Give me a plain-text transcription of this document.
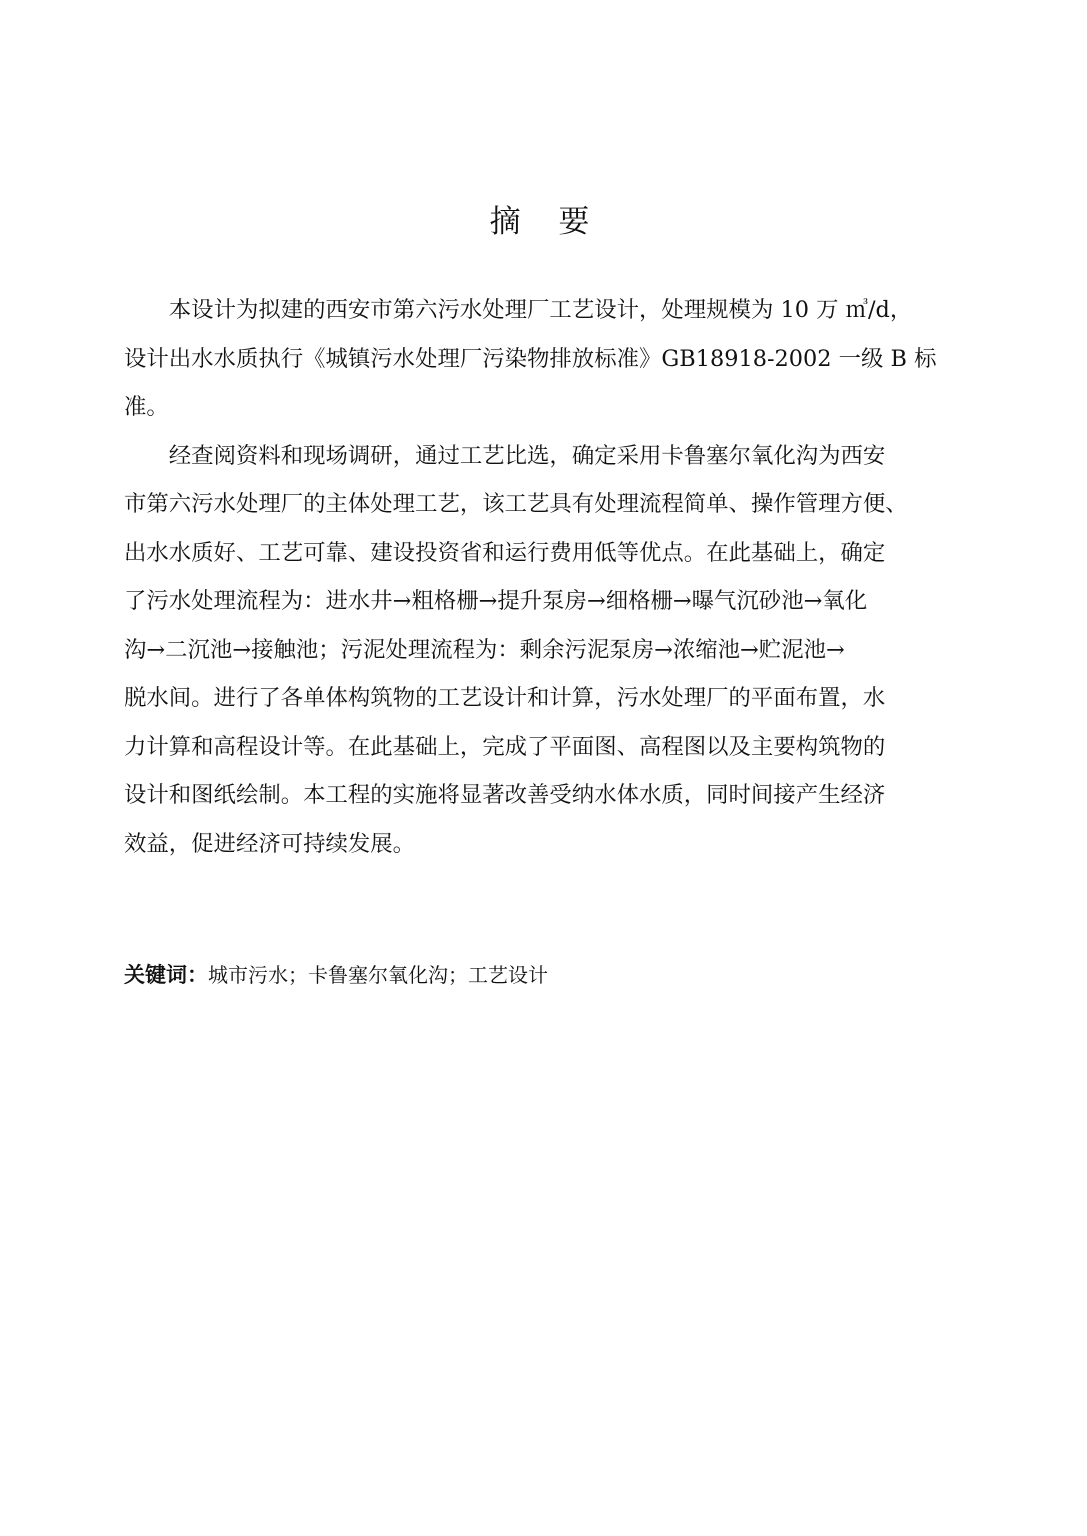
摘 要

本设计为拟建的西安市第六污水处理厂工艺设计，处理规模为 10 万 ㎥/d，
设计出水水质执行《城镇污水处理厂污染物排放标准》GB18918-2002 一级 B 标
准。

经查阅资料和现场调研，通过工艺比选，确定采用卡鲁塞尔氧化沟为西安
市第六污水处理厂的主体处理工艺，该工艺具有处理流程简单、操作管理方便、
出水水质好、工艺可靠、建设投资省和运行费用低等优点。在此基础上，确定
了污水处理流程为：进水井→粗格栅→提升泵房→细格栅→曝气沉砂池→氧化
沟→二沉池→接触池；污泥处理流程为：剩余污泥泵房→浓缩池→贮泥池→
脱水间。进行了各单体构筑物的工艺设计和计算，污水处理厂的平面布置，水
力计算和高程设计等。在此基础上，完成了平面图、高程图以及主要构筑物的
设计和图纸绘制。本工程的实施将显著改善受纳水体水质，同时间接产生经济
效益，促进经济可持续发展。

关键词：城市污水；卡鲁塞尔氧化沟；工艺设计
